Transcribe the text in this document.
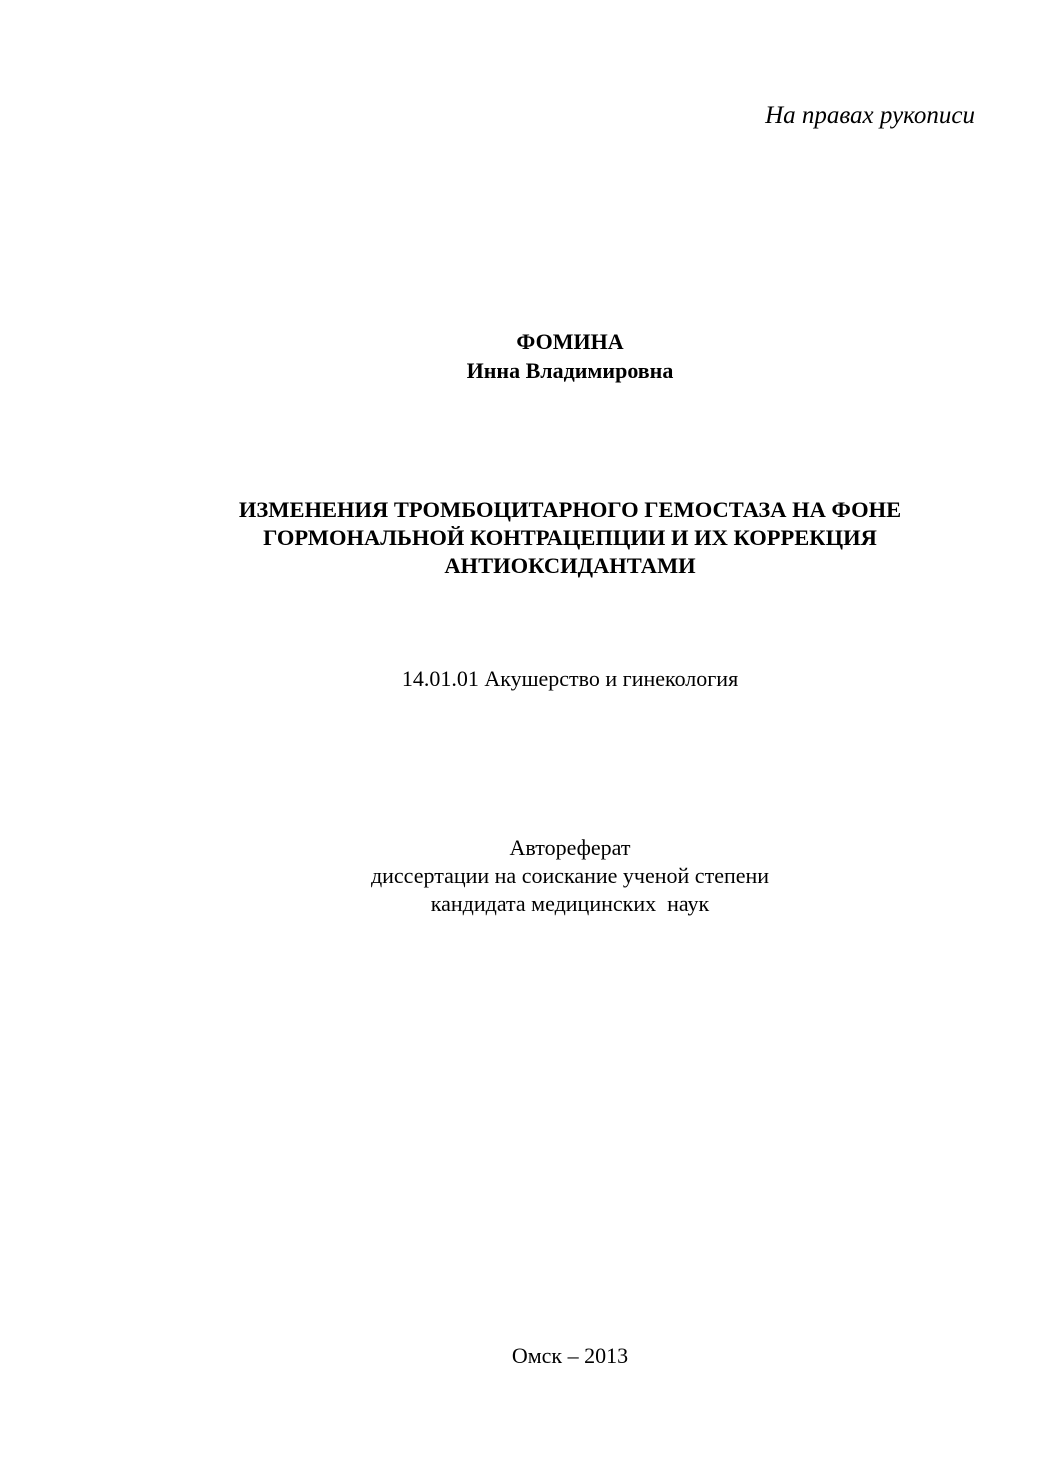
На правах рукописи
ФОМИНА
Инна Владимировна
ИЗМЕНЕНИЯ ТРОМБОЦИТАРНОГО ГЕМОСТАЗА НА ФОНЕ
ГОРМОНАЛЬНОЙ КОНТРАЦЕПЦИИ И ИХ КОРРЕКЦИЯ
АНТИОКСИДАНТАМИ
14.01.01 Акушерство и гинекология
Автореферат
диссертации на соискание ученой степени
кандидата медицинских  наук
Омск – 2013
